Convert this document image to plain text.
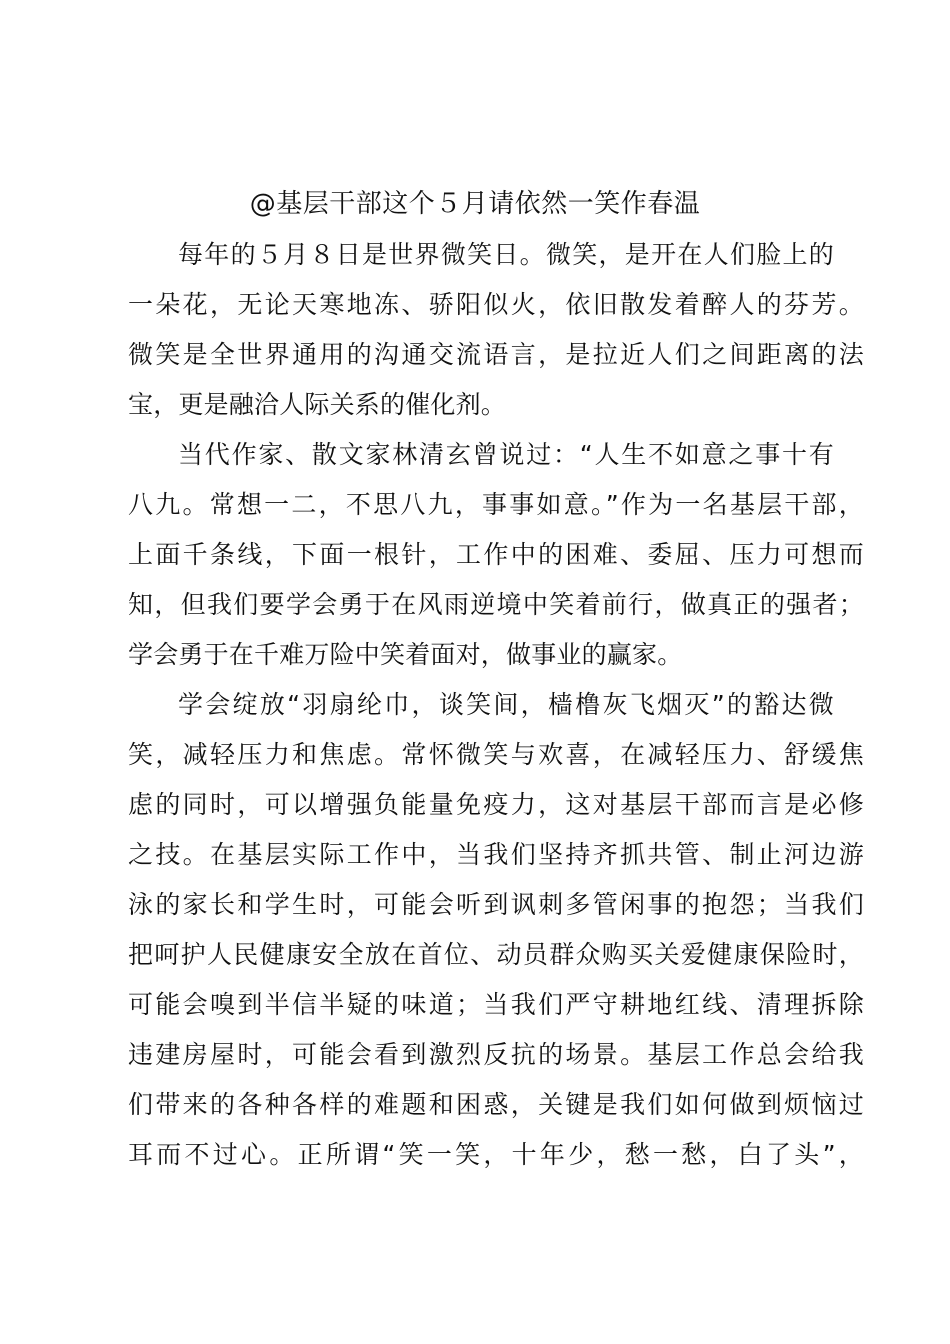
@基层干部这个５月请依然一笑作春温
每年的５月８日是世界微笑日。微笑，是开在人们脸上的
一朵花，无论天寒地冻、骄阳似火，依旧散发着醉人的芬芳。
微笑是全世界通用的沟通交流语言，是拉近人们之间距离的法
宝，更是融洽人际关系的催化剂。
当代作家、散文家林清玄曾说过：“人生不如意之事十有
八九。常想一二，不思八九，事事如意。”作为一名基层干部，
上面千条线，下面一根针，工作中的困难、委屈、压力可想而
知，但我们要学会勇于在风雨逆境中笑着前行，做真正的强者；
学会勇于在千难万险中笑着面对，做事业的赢家。
学会绽放“羽扇纶巾，谈笑间，樯橹灰飞烟灭”的豁达微
笑，减轻压力和焦虑。常怀微笑与欢喜，在减轻压力、舒缓焦
虑的同时，可以增强负能量免疫力，这对基层干部而言是必修
之技。在基层实际工作中，当我们坚持齐抓共管、制止河边游
泳的家长和学生时，可能会听到讽刺多管闲事的抱怨；当我们
把呵护人民健康安全放在首位、动员群众购买关爱健康保险时，
可能会嗅到半信半疑的味道；当我们严守耕地红线、清理拆除
违建房屋时，可能会看到激烈反抗的场景。基层工作总会给我
们带来的各种各样的难题和困惑，关键是我们如何做到烦恼过
耳而不过心。正所谓“笑一笑，十年少，愁一愁，白了头”，
